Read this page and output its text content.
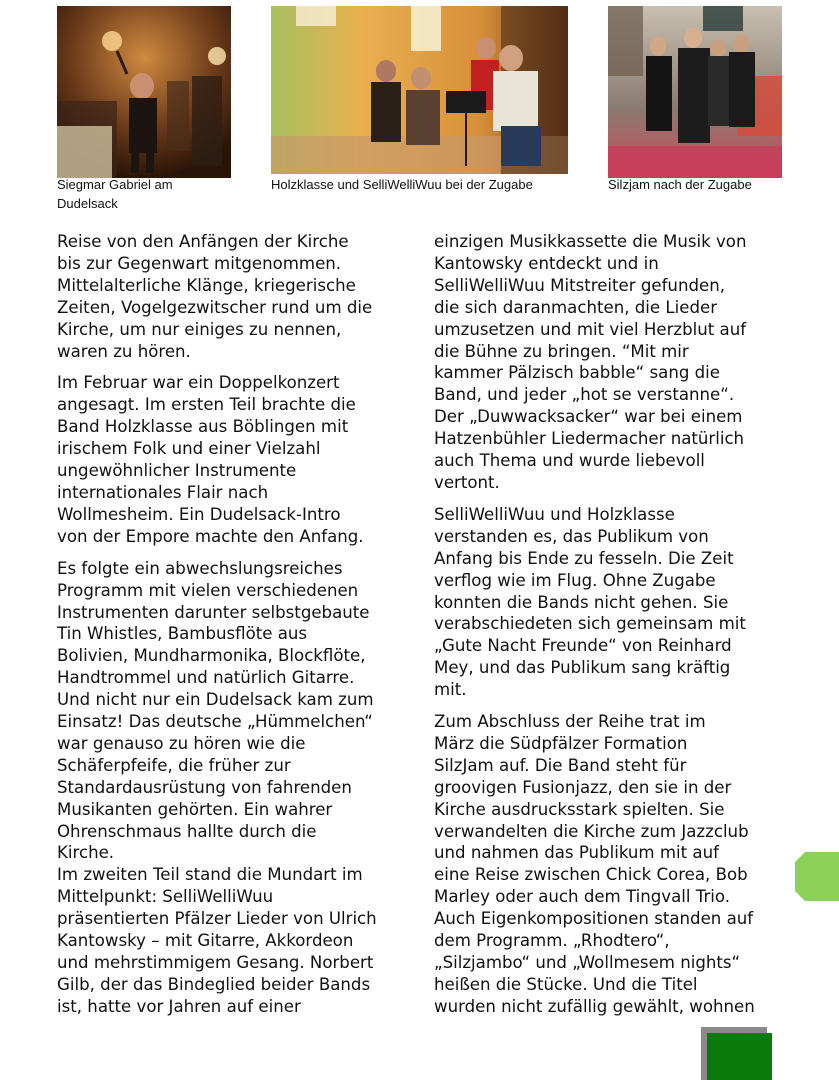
Siegmar Gabriel am
Dudelsack
Holzklasse und SelliWelliWuu bei der Zugabe	Silzjam nach der Zugabe

Reise von den Anfängen der Kirche
bis zur Gegenwart mitgenommen.
Mittelalterliche Klänge, kriegerische
Zeiten, Vogelgezwitscher rund um die
Kirche, um nur einiges zu nennen,
waren zu hören.

Im Februar war ein Doppelkonzert
angesagt. Im ersten Teil brachte die
Band Holzklasse aus Böblingen mit
irischem Folk und einer Vielzahl
ungewöhnlicher Instrumente
internationales Flair nach
Wollmesheim. Ein Dudelsack-Intro
von der Empore machte den Anfang.

Es folgte ein abwechslungsreiches
Programm mit vielen verschiedenen
Instrumenten darunter selbstgebaute
Tin Whistles, Bambusflöte aus
Bolivien, Mundharmonika, Blockflöte,
Handtrommel und natürlich Gitarre.
Und nicht nur ein Dudelsack kam zum
Einsatz! Das deutsche „Hümmelchen“
war genauso zu hören wie die
Schäferpfeife, die früher zur
Standardausrüstung von fahrenden
Musikanten gehörten. Ein wahrer
Ohrenschmaus hallte durch die
Kirche.

Im zweiten Teil stand die Mundart im
Mittelpunkt: SelliWelliWuu
präsentierten Pfälzer Lieder von Ulrich
Kantowsky – mit Gitarre, Akkordeon
und mehrstimmigem Gesang. Norbert
Gilb, der das Bindeglied beider Bands
ist, hatte vor Jahren auf einer

einzigen Musikkassette die Musik von
Kantowsky entdeckt und in
SelliWelliWuu Mitstreiter gefunden,
die sich daranmachten, die Lieder
umzusetzen und mit viel Herzblut auf
die Bühne zu bringen. “Mit mir
kammer Pälzisch babble“ sang die
Band, und jeder „hot se verstanne“.
Der „Duwwacksacker“ war bei einem
Hatzenbühler Liedermacher natürlich
auch Thema und wurde liebevoll
vertont.

SelliWelliWuu und Holzklasse
verstanden es, das Publikum von
Anfang bis Ende zu fesseln. Die Zeit
verflog wie im Flug. Ohne Zugabe
konnten die Bands nicht gehen. Sie
verabschiedeten sich gemeinsam mit
„Gute Nacht Freunde“ von Reinhard
Mey, und das Publikum sang kräftig
mit.

Zum Abschluss der Reihe trat im
März die Südpfälzer Formation
SilzJam auf. Die Band steht für
groovigen Fusionjazz, den sie in der
Kirche ausdrucksstark spielten. Sie
verwandelten die Kirche zum Jazzclub
und nahmen das Publikum mit auf
eine Reise zwischen Chick Corea, Bob
Marley oder auch dem Tingvall Trio.
Auch Eigenkompositionen standen auf
dem Programm. „Rhodtero“,
„Silzjambo“ und „Wollmesem nights“
heißen die Stücke. Und die Titel
wurden nicht zufällig gewählt, wohnen
